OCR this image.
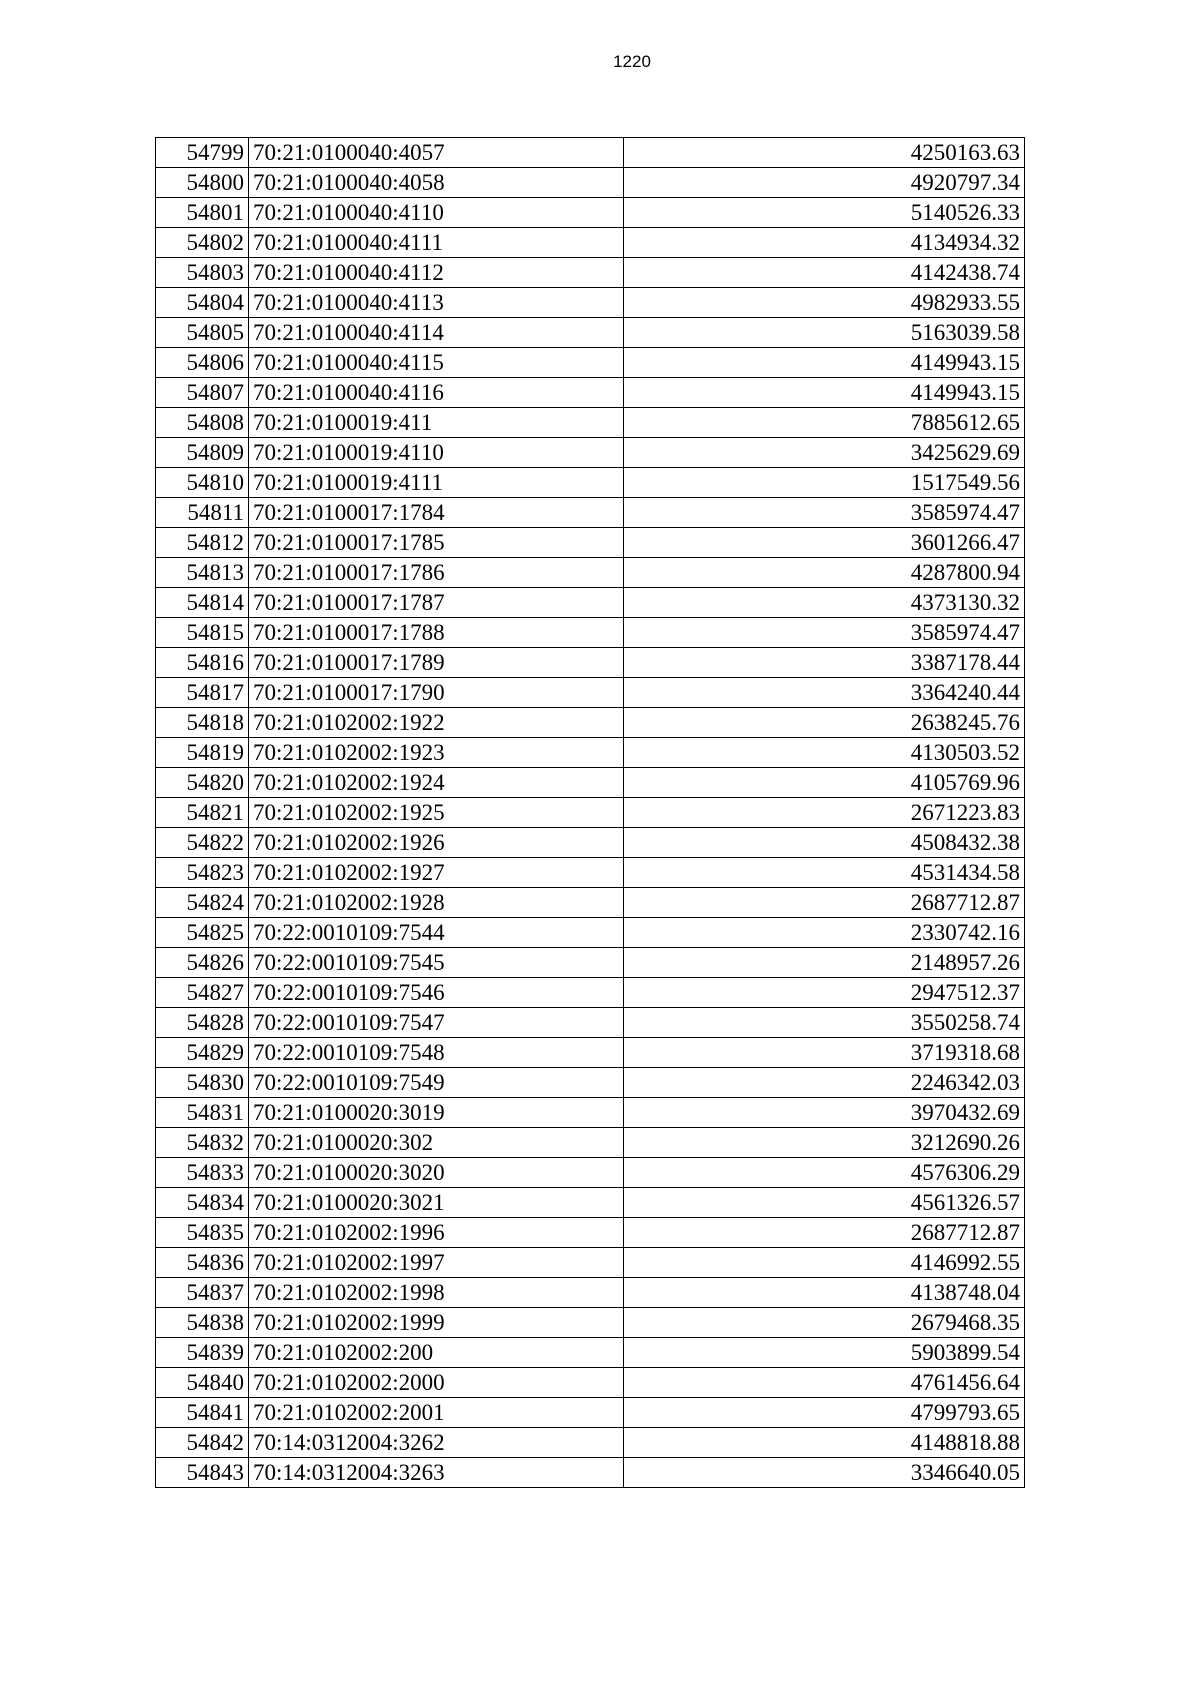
1220
54799	70:21:0100040:4057	4250163.63
54800	70:21:0100040:4058	4920797.34
54801	70:21:0100040:4110	5140526.33
54802	70:21:0100040:4111	4134934.32
54803	70:21:0100040:4112	4142438.74
54804	70:21:0100040:4113	4982933.55
54805	70:21:0100040:4114	5163039.58
54806	70:21:0100040:4115	4149943.15
54807	70:21:0100040:4116	4149943.15
54808	70:21:0100019:411	7885612.65
54809	70:21:0100019:4110	3425629.69
54810	70:21:0100019:4111	1517549.56
54811	70:21:0100017:1784	3585974.47
54812	70:21:0100017:1785	3601266.47
54813	70:21:0100017:1786	4287800.94
54814	70:21:0100017:1787	4373130.32
54815	70:21:0100017:1788	3585974.47
54816	70:21:0100017:1789	3387178.44
54817	70:21:0100017:1790	3364240.44
54818	70:21:0102002:1922	2638245.76
54819	70:21:0102002:1923	4130503.52
54820	70:21:0102002:1924	4105769.96
54821	70:21:0102002:1925	2671223.83
54822	70:21:0102002:1926	4508432.38
54823	70:21:0102002:1927	4531434.58
54824	70:21:0102002:1928	2687712.87
54825	70:22:0010109:7544	2330742.16
54826	70:22:0010109:7545	2148957.26
54827	70:22:0010109:7546	2947512.37
54828	70:22:0010109:7547	3550258.74
54829	70:22:0010109:7548	3719318.68
54830	70:22:0010109:7549	2246342.03
54831	70:21:0100020:3019	3970432.69
54832	70:21:0100020:302	3212690.26
54833	70:21:0100020:3020	4576306.29
54834	70:21:0100020:3021	4561326.57
54835	70:21:0102002:1996	2687712.87
54836	70:21:0102002:1997	4146992.55
54837	70:21:0102002:1998	4138748.04
54838	70:21:0102002:1999	2679468.35
54839	70:21:0102002:200	5903899.54
54840	70:21:0102002:2000	4761456.64
54841	70:21:0102002:2001	4799793.65
54842	70:14:0312004:3262	4148818.88
54843	70:14:0312004:3263	3346640.05
